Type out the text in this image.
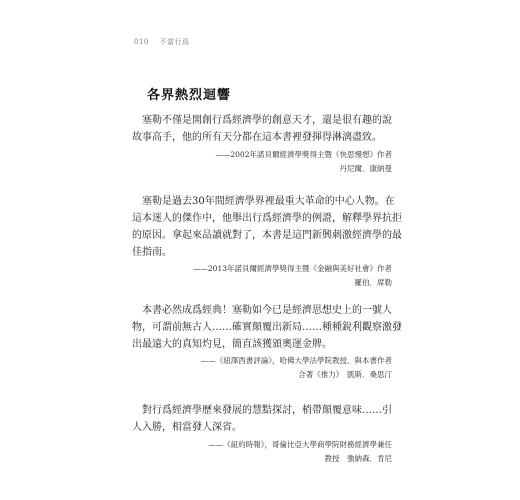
010 不當行爲
各界熱烈迴響
　塞勒不僅是開創行爲經濟學的創意天才，還是很有趣的說
故事高手，他的所有天分都在這本書裡發揮得淋漓盡致。
——2002年諾貝爾經濟學獎得主暨《快思慢想》作者
丹尼爾．康納曼
　塞勒是過去30年間經濟學界裡最重大革命的中心人物。在
這本迷人的傑作中，他舉出行爲經濟學的例證，解釋學界抗拒
的原因。拿起來品讀就對了，本書是這門新興刺激經濟學的最
佳指南。
——2013年諾貝爾經濟學獎得主暨《金融與美好社會》作者
羅伯．席勒
　本書必然成爲經典！塞勒如今已是經濟思想史上的一號人
物，可謂前無古人……確實顛覆出新局……種種銳利觀察激發
出最遠大的真知灼見，簡直該獲頒奧運金牌。
——《紐澤西書評論》，哈佛大學法學院教授、與本書作者
合著《推力》　凱斯．桑思汀
　對行爲經濟學歷來發展的慧黠探討，梢帶顛覆意味……引
人入勝，相當發人深省。
——《紐約時報》，哥倫比亞大學商學院財務經濟學兼任
教授　強納森．肯尼
